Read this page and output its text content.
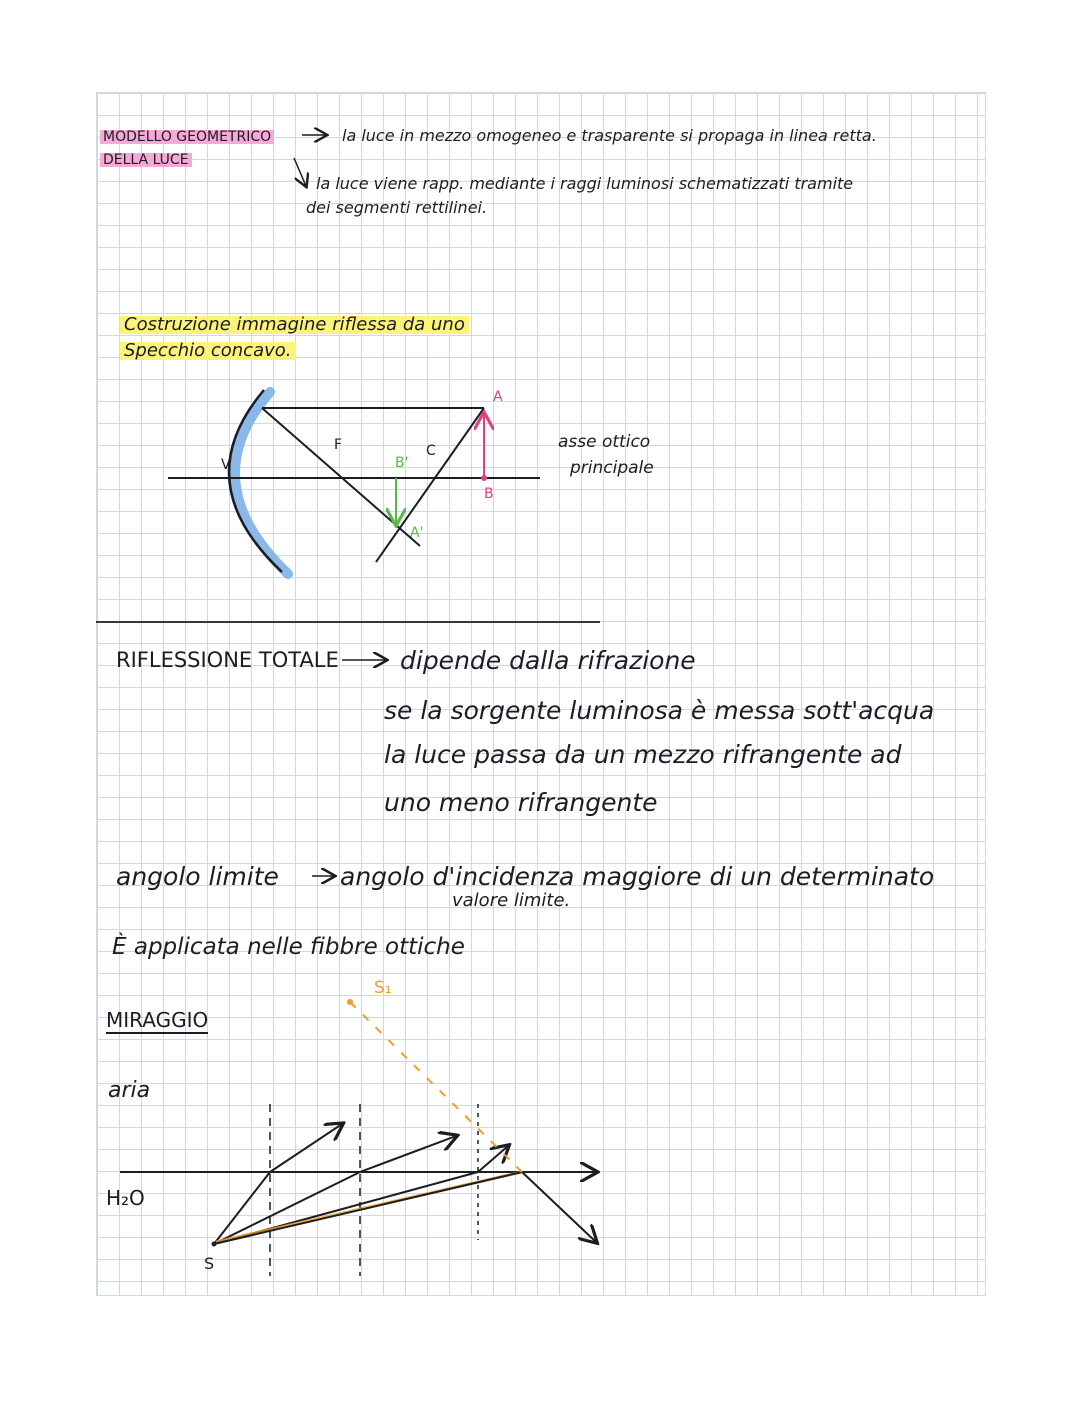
MODELLO GEOMETRICO
DELLA LUCE
la luce in mezzo omogeneo e trasparente si propaga in linea retta.
la luce viene rapp. mediante i raggi luminosi schematizzati tramite
dei segmenti rettilinei.
Costruzione immagine riflessa da uno
Specchio concavo.
V
F	C
A
B
A'
B'
asse ottico
principale
RIFLESSIONE TOTALE dipende dalla rifrazione
se la sorgente luminosa è messa sott'acqua
la luce passa da un mezzo rifrangente ad
uno meno rifrangente
angolo limite angolo d'incidenza maggiore di un determinato
valore limite.
È applicata nelle fibbre ottiche
MIRAGGIO
aria
H₂O
S
S₁
